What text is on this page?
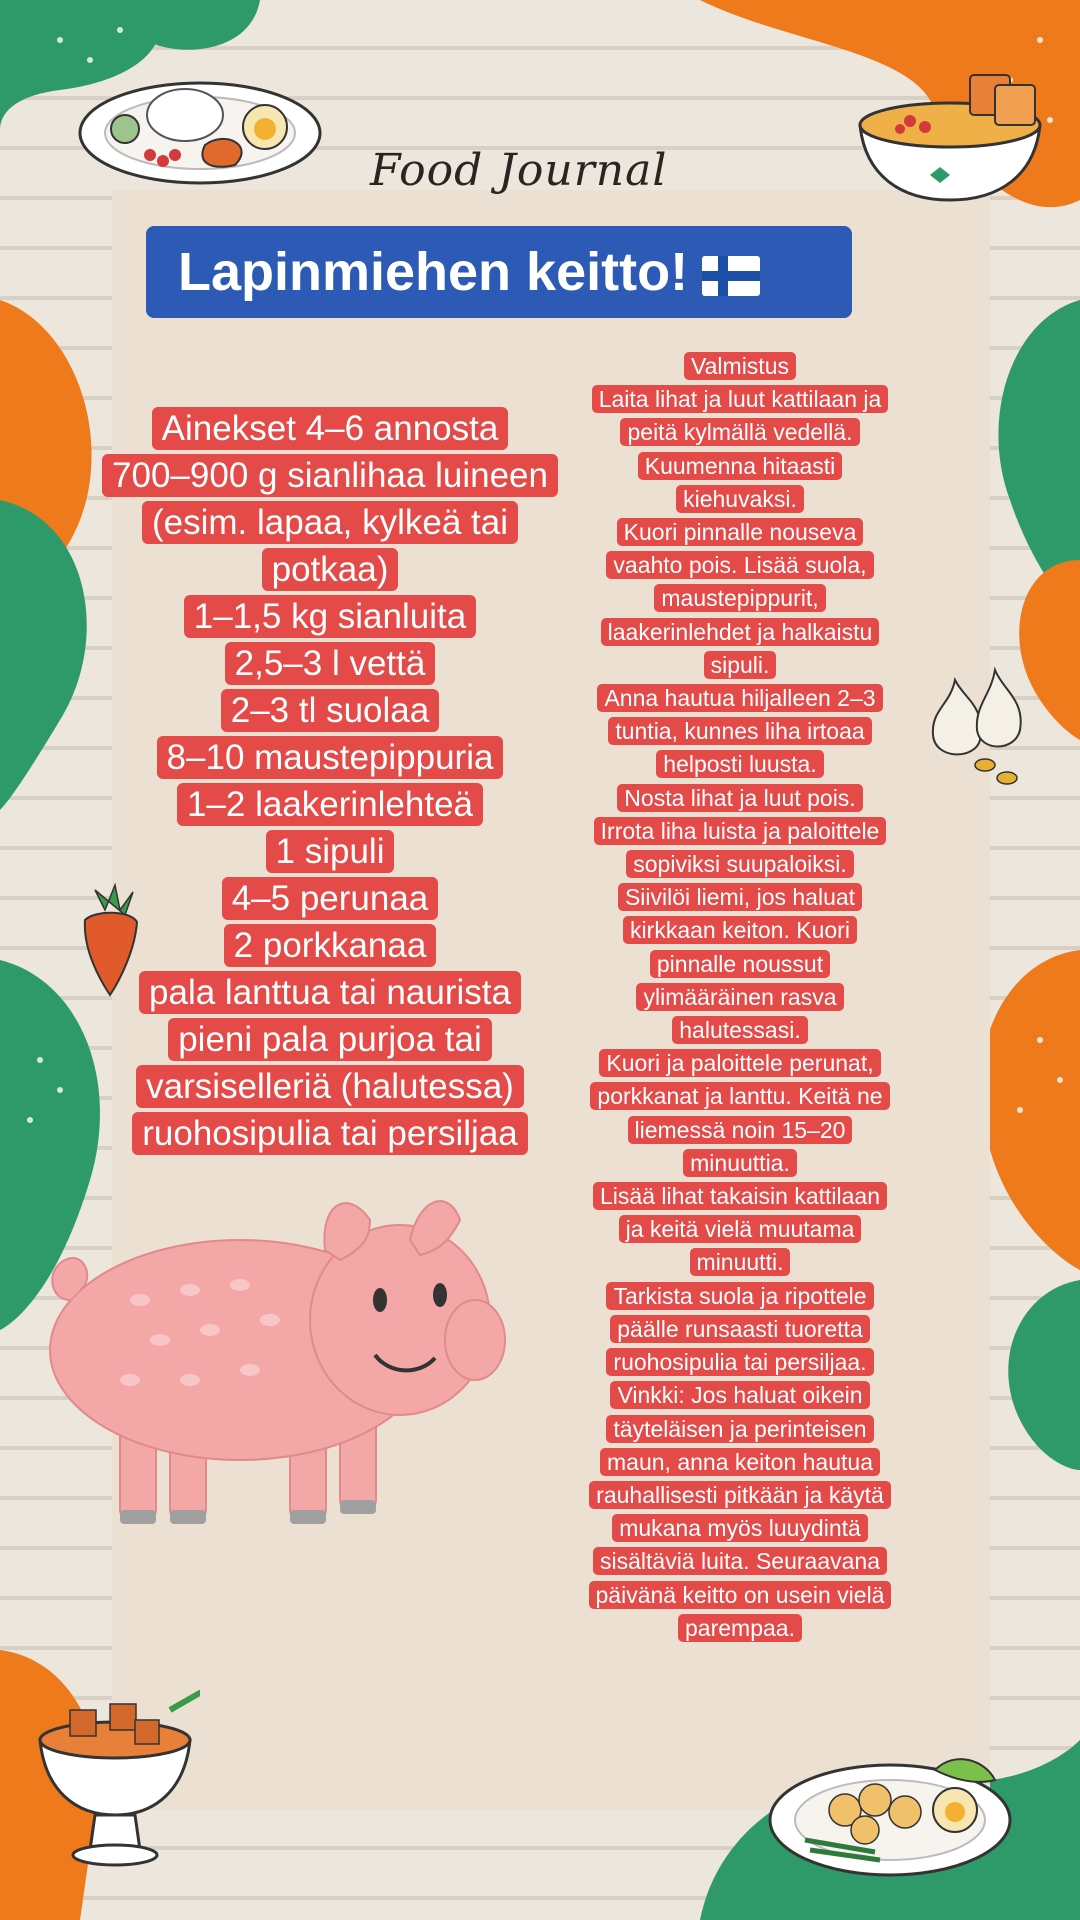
Food Journal
Lapinmiehen keitto!
Ainekset 4–6 annosta
700–900 g sianlihaa luineen
(esim. lapaa, kylkeä tai
potkaa)
1–1,5 kg sianluita
2,5–3 l vettä
2–3 tl suolaa
8–10 maustepippuria
1–2 laakerinlehteä
1 sipuli
4–5 perunaa
2 porkkanaa
pala lanttua tai naurista
pieni pala purjoa tai
varsiselleriä (halutessa)
ruohosipulia tai persiljaa
Valmistus
Laita lihat ja luut kattilaan ja
peitä kylmällä vedellä.
Kuumenna hitaasti
kiehuvaksi.
Kuori pinnalle nouseva
vaahto pois. Lisää suola,
maustepippurit,
laakerinlehdet ja halkaistu
sipuli.
Anna hautua hiljalleen 2–3
tuntia, kunnes liha irtoaa
helposti luusta.
Nosta lihat ja luut pois.
Irrota liha luista ja paloittele
sopiviksi suupaloiksi.
Siivilöi liemi, jos haluat
kirkkaan keiton. Kuori
pinnalle noussut
ylimääräinen rasva
halutessasi.
Kuori ja paloittele perunat,
porkkanat ja lanttu. Keitä ne
liemessä noin 15–20
minuuttia.
Lisää lihat takaisin kattilaan
ja keitä vielä muutama
minuutti.
Tarkista suola ja ripottele
päälle runsaasti tuoretta
ruohosipulia tai persiljaa.
Vinkki: Jos haluat oikein
täyteläisen ja perinteisen
maun, anna keiton hautua
rauhallisesti pitkään ja käytä
mukana myös luuydintä
sisältäviä luita. Seuraavana
päivänä keitto on usein vielä
parempaa.
